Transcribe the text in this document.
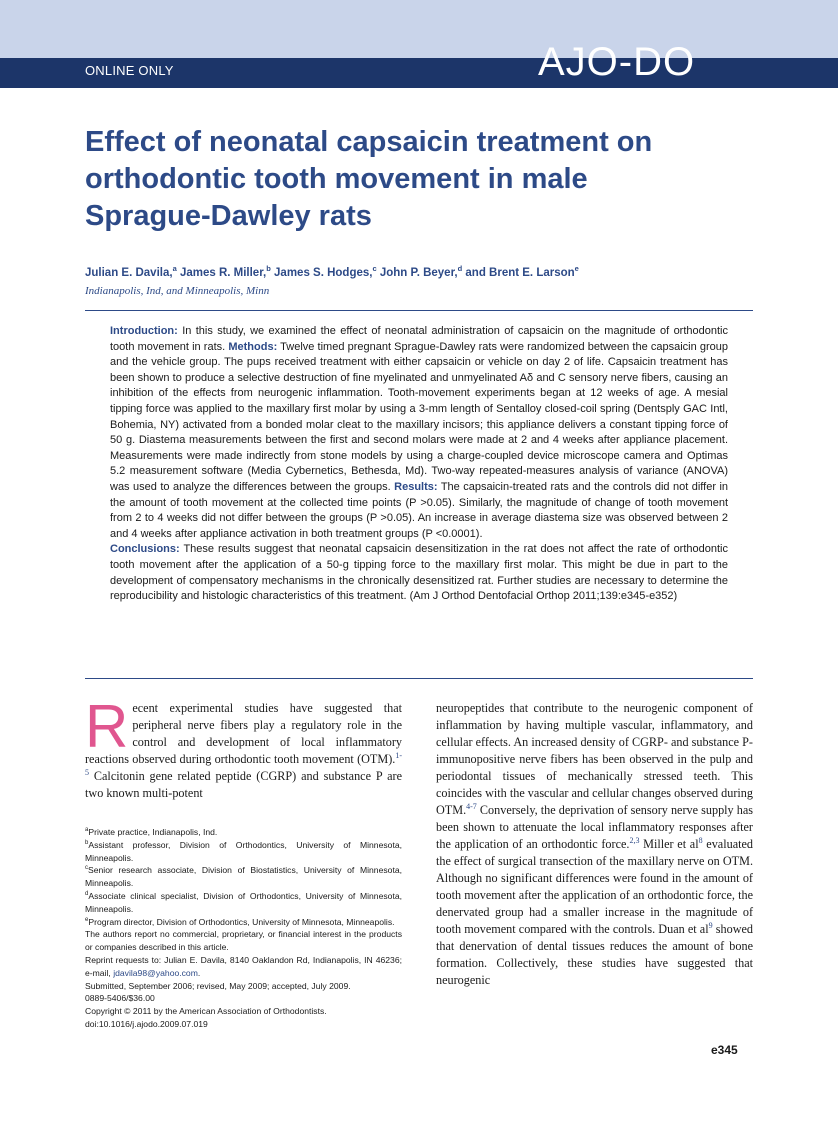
ONLINE ONLY	AJO-DO
Effect of neonatal capsaicin treatment on orthodontic tooth movement in male Sprague-Dawley rats
Julian E. Davila,$^a$ James R. Miller,$^b$ James S. Hodges,$^c$ John P. Beyer,$^d$ and Brent E. Larson$^e$
Indianapolis, Ind, and Minneapolis, Minn

Introduction: In this study, we examined the effect of neonatal administration of capsaicin on the magnitude of orthodontic tooth movement in rats. Methods: Twelve timed pregnant Sprague-Dawley rats were randomized between the capsaicin group and the vehicle group. The pups received treatment with either capsaicin or vehicle on day 2 of life. Capsaicin treatment has been shown to produce a selective destruction of fine myelinated and unmyelinated Aδ and C sensory nerve fibers, causing an inhibition of the effects from neurogenic inflammation. Tooth-movement experiments began at 12 weeks of age. A mesial tipping force was applied to the maxillary first molar by using a 3-mm length of Sentalloy closed-coil spring (Dentsply GAC Intl, Bohemia, NY) activated from a bonded molar cleat to the maxillary incisors; this appliance delivers a constant tipping force of 50 g. Diastema measurements between the first and second molars were made at 2 and 4 weeks after appliance placement. Measurements were made indirectly from stone models by using a charge-coupled device microscope camera and Optimas 5.2 measurement software (Media Cybernetics, Bethesda, Md). Two-way repeated-measures analysis of variance (ANOVA) was used to analyze the differences between the groups. Results: The capsaicin-treated rats and the controls did not differ in the amount of tooth movement at the collected time points (P >0.05). Similarly, the magnitude of change of tooth movement from 2 to 4 weeks did not differ between the groups (P >0.05). An increase in average diastema size was observed between 2 and 4 weeks after appliance activation in both treatment groups (P <0.0001).

Conclusions: These results suggest that neonatal capsaicin desensitization in the rat does not affect the rate of orthodontic tooth movement after the application of a 50-g tipping force to the maxillary first molar. This might be due in part to the development of compensatory mechanisms in the chronically desensitized rat. Further studies are necessary to determine the reproducibility and histologic characteristics of this treatment. (Am J Orthod Dentofacial Orthop 2011;139:e345-e352)

Recent experimental studies have suggested that peripheral nerve fibers play a regulatory role in the control and development of local inflammatory reactions observed during orthodontic tooth movement (OTM).$^{1-5}$ Calcitonin gene related peptide (CGRP) and substance P are two known multi-potent
$^a$Private practice, Indianapolis, Ind.
$^b$Assistant professor, Division of Orthodontics, University of Minnesota, Minneapolis.
$^c$Senior research associate, Division of Biostatistics, University of Minnesota, Minneapolis.
$^d$Associate clinical specialist, Division of Orthodontics, University of Minnesota, Minneapolis.
$^e$Program director, Division of Orthodontics, University of Minnesota, Minneapolis.
The authors report no commercial, proprietary, or financial interest in the products or companies described in this article.
Reprint requests to: Julian E. Davila, 8140 Oaklandon Rd, Indianapolis, IN 46236; e-mail, jdavila98@yahoo.com.
Submitted, September 2006; revised, May 2009; accepted, July 2009.
0889-5406/$36.00
Copyright © 2011 by the American Association of Orthodontists.
doi:10.1016/j.ajodo.2009.07.019
neuropeptides that contribute to the neurogenic component of inflammation by having multiple vascular, inflammatory, and cellular effects. An increased density of CGRP- and substance P-immunopositive nerve fibers has been observed in the pulp and periodontal tissues of mechanically stressed teeth. This coincides with the vascular and cellular changes observed during OTM.$^{4-7}$ Conversely, the deprivation of sensory nerve supply has been shown to attenuate the local inflammatory responses after the application of an orthodontic force.$^{2,3}$ Miller et $al^8$ evaluated the effect of surgical transection of the maxillary nerve on OTM. Although no significant differences were found in the amount of tooth movement after the application of an orthodontic force, the denervated group had a smaller increase in the magnitude of tooth movement compared with the controls. Duan et $al^9$ showed that denervation of dental tissues reduces the amount of bone formation. Collectively, these studies have suggested that neurogenic
e345
